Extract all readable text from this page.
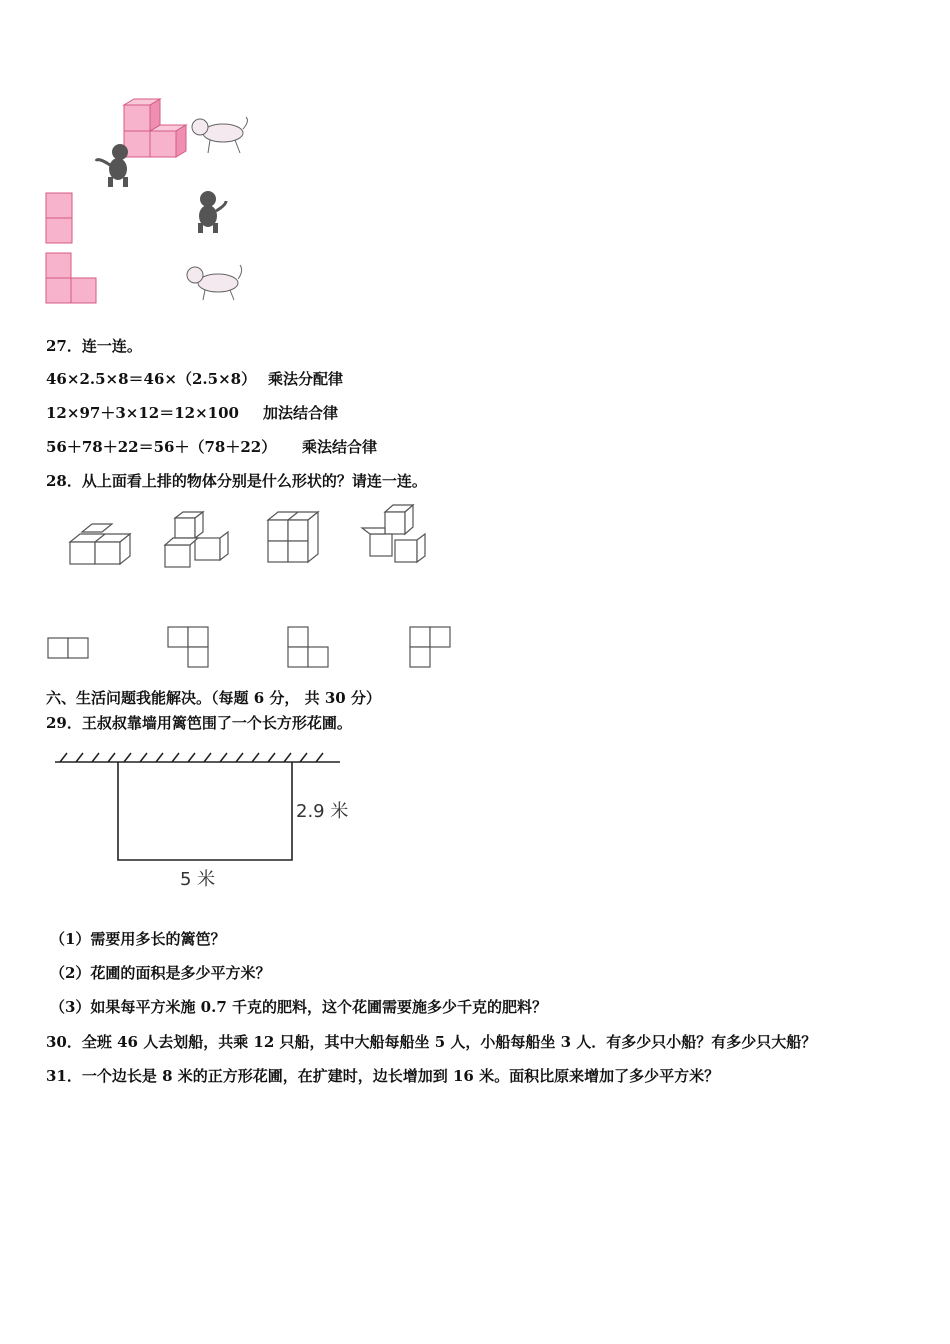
27．连一连。
46×2.5×8＝46×（2.5×8） 乘法分配律
12×97＋3×12＝12×100 加法结合律
56＋78＋22＝56＋（78＋22） 乘法结合律
28．从上面看上排的物体分别是什么形状的？请连一连。
六、生活问题我能解决。（每题 6 分， 共 30 分）
29．王叔叔靠墙用篱笆围了一个长方形花圃。
2.9 米
5 米
（1）需要用多长的篱笆？
（2）花圃的面积是多少平方米？
（3）如果每平方米施 0.7 千克的肥料，这个花圃需要施多少千克的肥料？
30．全班 46 人去划船，共乘 12 只船，其中大船每船坐 5 人，小船每船坐 3 人．有多少只小船？有多少只大船？
31．一个边长是 8 米的正方形花圃，在扩建时，边长增加到 16 米。面积比原来增加了多少平方米？
